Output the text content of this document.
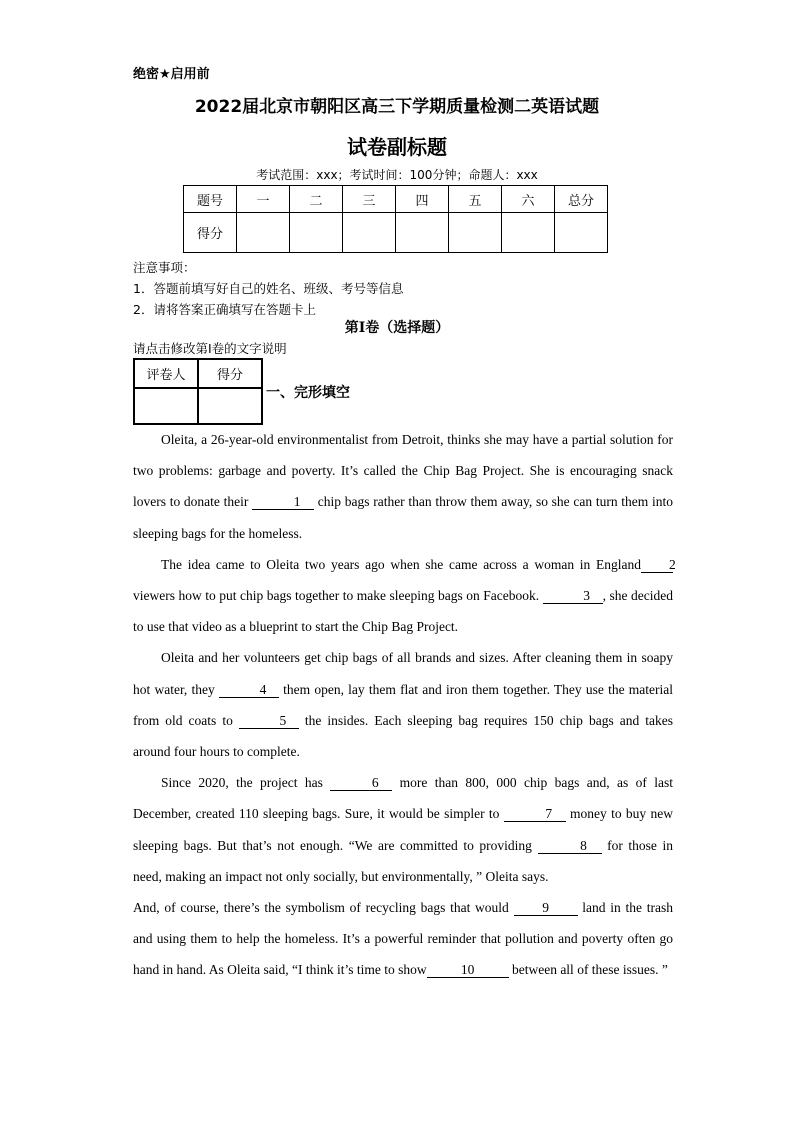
绝密★启用前
2022届北京市朝阳区高三下学期质量检测二英语试题
试卷副标题
考试范围：xxx；考试时间：100分钟；命题人：xxx
题号	一	二	三	四	五	六	总分
得分							
注意事项：
1．答题前填写好自己的姓名、班级、考号等信息
2．请将答案正确填写在答题卡上
第I卷（选择题）
请点击修改第I卷的文字说明
评卷人	得分

一、完形填空

Oleita, a 26-year-old environmentalist from Detroit, thinks she may have a partial solution for two problems: garbage and poverty. It’s called the Chip Bag Project. She is encouraging snack lovers to donate their	1 chip bags rather than throw them away, so she can turn them into sleeping bags for the homeless.

The idea came to Oleita two years ago when she came across a woman in England 2 viewers how to put chip bags together to make sleeping bags on Facebook.	3 , she decided to use that video as a blueprint to start the Chip Bag Project.

Oleita and her volunteers get chip bags of all brands and sizes. After cleaning them in soapy hot water, they	4 them open, lay them flat and iron them together. They use the material from old coats to	5 the insides. Each sleeping bag requires 150 chip bags and takes around four hours to complete.

Since 2020, the project has	6 more than 800, 000 chip bags and, as of last December, created 110 sleeping bags. Sure, it would be simpler to	7 money to buy new sleeping bags. But that’s not enough. “We are committed to providing	8 for those in need, making an impact not only socially, but environmentally, ” Oleita says.

And, of course, there’s the symbolism of recycling bags that would 9 land in the trash and using them to help the homeless. It’s a powerful reminder that pollution and poverty often go hand in hand. As Oleita said, “I think it’s time to show	10	between all of these issues. ”
